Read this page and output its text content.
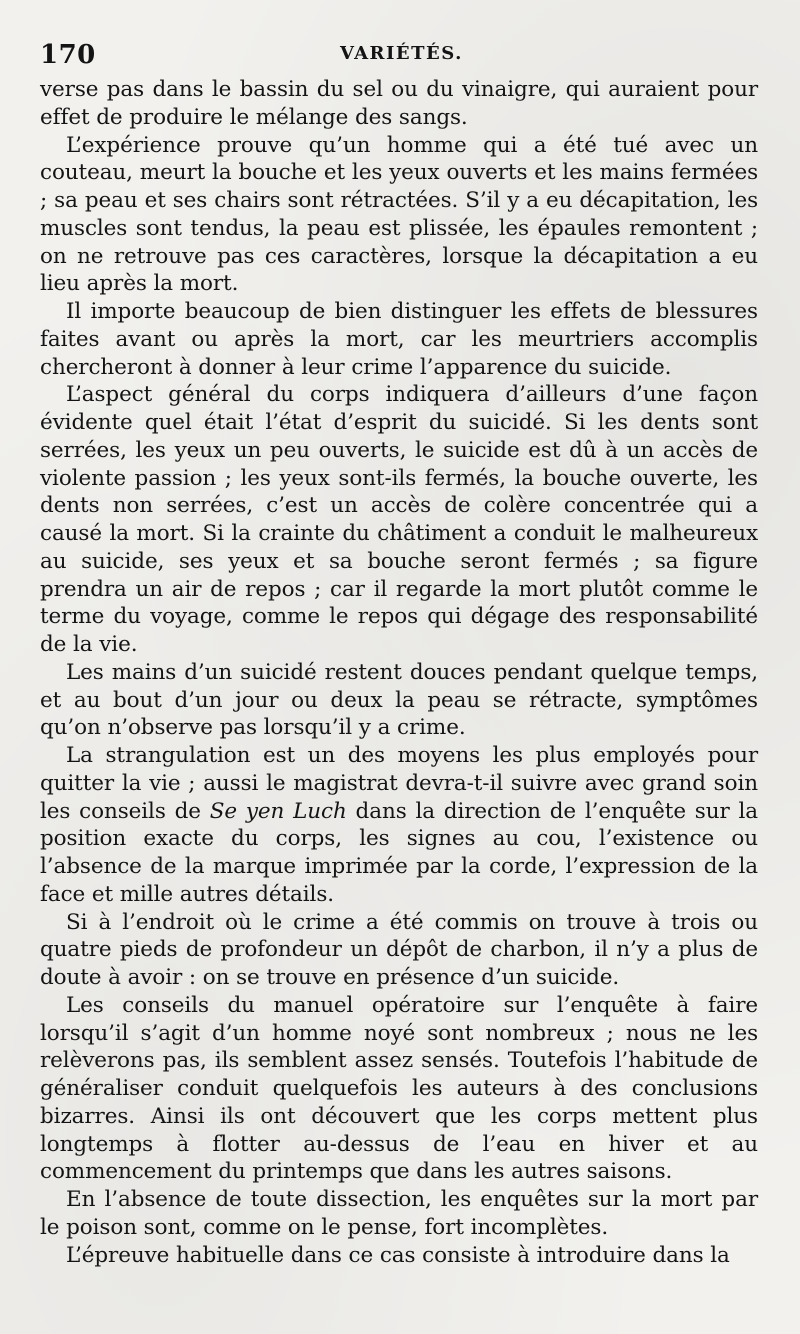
170	VARIÉTÉS.

verse pas dans le bassin du sel ou du vinaigre, qui auraient pour effet de produire le mélange des sangs.

L’expérience prouve qu’un homme qui a été tué avec un couteau, meurt la bouche et les yeux ouverts et les mains fermées ; sa peau et ses chairs sont rétractées. S’il y a eu décapitation, les muscles sont tendus, la peau est plissée, les épaules remontent ; on ne retrouve pas ces caractères, lorsque la décapitation a eu lieu après la mort.

Il importe beaucoup de bien distinguer les effets de blessures faites avant ou après la mort, car les meurtriers accomplis chercheront à donner à leur crime l’apparence du suicide.

L’aspect général du corps indiquera d’ailleurs d’une façon évidente quel était l’état d’esprit du suicidé. Si les dents sont serrées, les yeux un peu ouverts, le suicide est dû à un accès de violente passion ; les yeux sont-ils fermés, la bouche ouverte, les dents non serrées, c’est un accès de colère concentrée qui a causé la mort. Si la crainte du châtiment a conduit le malheureux au suicide, ses yeux et sa bouche seront fermés ; sa figure prendra un air de repos ; car il regarde la mort plutôt comme le terme du voyage, comme le repos qui dégage des responsabilité de la vie.

Les mains d’un suicidé restent douces pendant quelque temps, et au bout d’un jour ou deux la peau se rétracte, symptômes qu’on n’observe pas lorsqu’il y a crime.

La strangulation est un des moyens les plus employés pour quitter la vie ; aussi le magistrat devra-t-il suivre avec grand soin les conseils de Se yen Luch dans la direction de l’enquête sur la position exacte du corps, les signes au cou, l’existence ou l’absence de la marque imprimée par la corde, l’expression de la face et mille autres détails.

Si à l’endroit où le crime a été commis on trouve à trois ou quatre pieds de profondeur un dépôt de charbon, il n’y a plus de doute à avoir : on se trouve en présence d’un suicide.

Les conseils du manuel opératoire sur l’enquête à faire lorsqu’il s’agit d’un homme noyé sont nombreux ; nous ne les relèverons pas, ils semblent assez sensés. Toutefois l’habitude de généraliser conduit quelquefois les auteurs à des conclusions bizarres. Ainsi ils ont découvert que les corps mettent plus longtemps à flotter au-dessus de l’eau en hiver et au commencement du printemps que dans les autres saisons.

En l’absence de toute dissection, les enquêtes sur la mort par le poison sont, comme on le pense, fort incomplètes.

L’épreuve habituelle dans ce cas consiste à introduire dans la
